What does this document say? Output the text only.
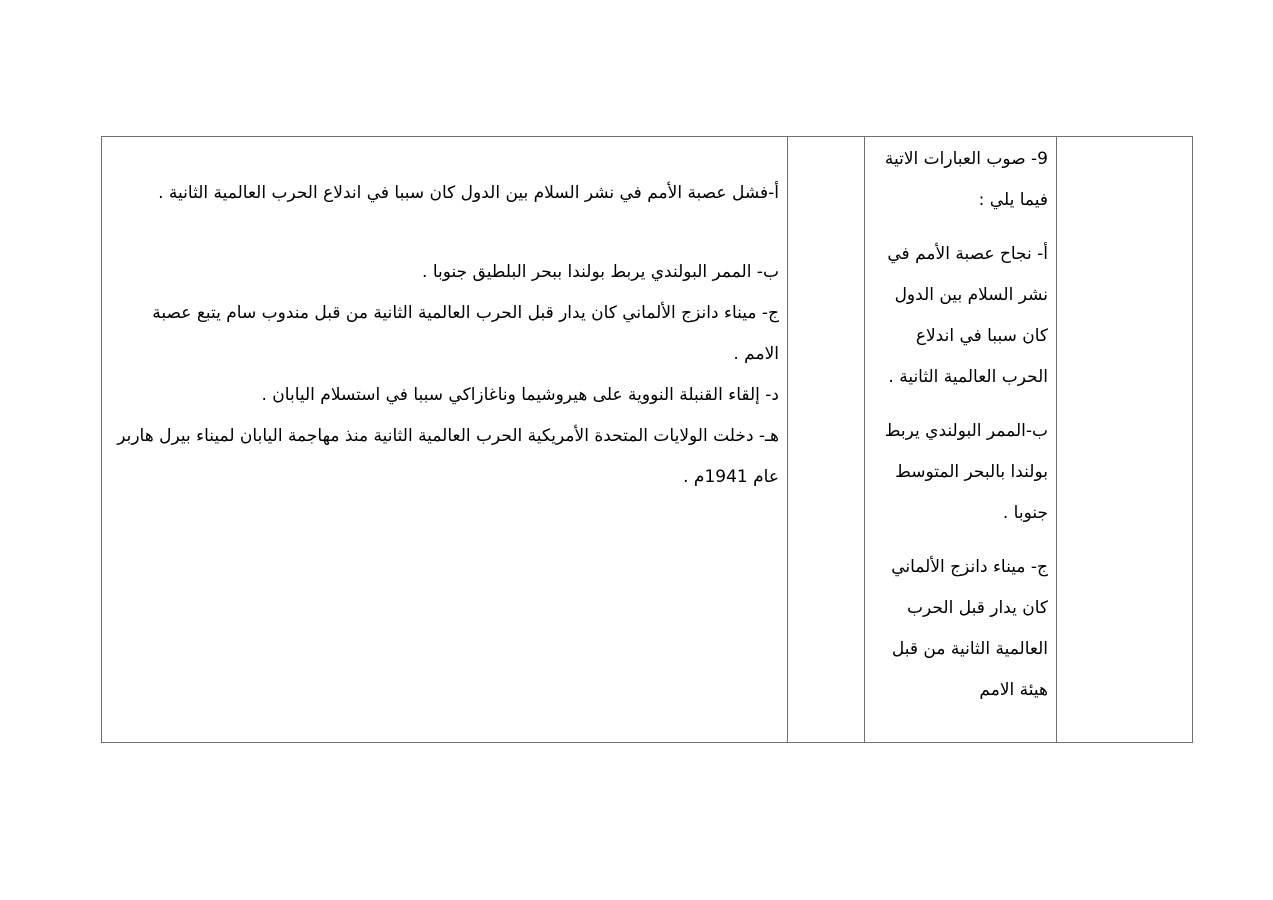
أ-فشل عصبة الأمم في نشر السلام بين الدول كان سببا في اندلاع الحرب العالمية الثانية .
ب- الممر البولندي يربط بولندا ببحر البلطيق جنوبا .
ج- ميناء دانزج الألماني كان يدار قبل الحرب العالمية الثانية من قبل مندوب سام يتبع عصبة الامم .
د- إلقاء القنبلة النووية على هيروشيما وناغازاكي سببا في استسلام اليابان .
هـ- دخلت الولايات المتحدة الأمريكية الحرب العالمية الثانية منذ مهاجمة اليابان لميناء بيرل هاربر عام 1941م .

9- صوب العبارات الاتية فيما يلي :

أ- نجاح عصبة الأمم في نشر السلام بين الدول كان سببا في اندلاع الحرب العالمية الثانية .

ب-الممر البولندي يربط بولندا بالبحر المتوسط جنوبا .

ج- ميناء دانزج الألماني كان يدار قبل الحرب العالمية الثانية من قبل هيئة الامم
